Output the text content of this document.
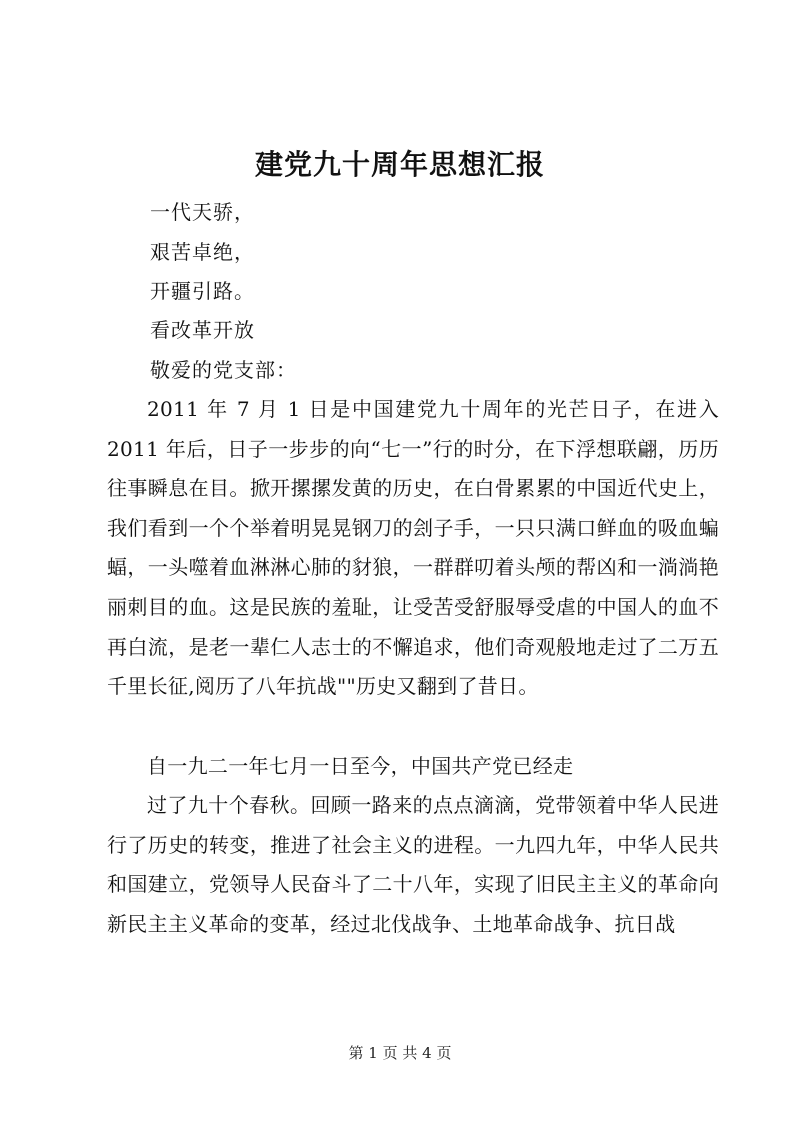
建党九十周年思想汇报
一代天骄，
艰苦卓绝，
开疆引路。
看改革开放
敬爱的党支部：

2011 年 7 月 1 日是中国建党九十周年的光芒日子，在进入 2011 年后，日子一步步的向“七一”行的时分，在下浮想联翩，历历往事瞬息在目。掀开摞摞发黄的历史，在白骨累累的中国近代史上，我们看到一个个举着明晃晃钢刀的刽子手，一只只满口鲜血的吸血蝙蝠，一头噬着血淋淋心肺的豺狼，一群群叨着头颅的帮凶和一淌淌艳丽刺目的血。这是民族的羞耻，让受苦受舒服辱受虐的中国人的血不再白流，是老一辈仁人志士的不懈追求，他们奇观般地走过了二万五千里长征,阅历了八年抗战""历史又翻到了昔日。

自一九二一年七月一日至今，中国共产党已经走

过了九十个春秋。回顾一路来的点点滴滴，党带领着中华人民进行了历史的转变，推进了社会主义的进程。一九四九年，中华人民共和国建立，党领导人民奋斗了二十八年，实现了旧民主主义的革命向新民主主义革命的变革，经过北伐战争、土地革命战争、抗日战

第 1 页 共 4 页
